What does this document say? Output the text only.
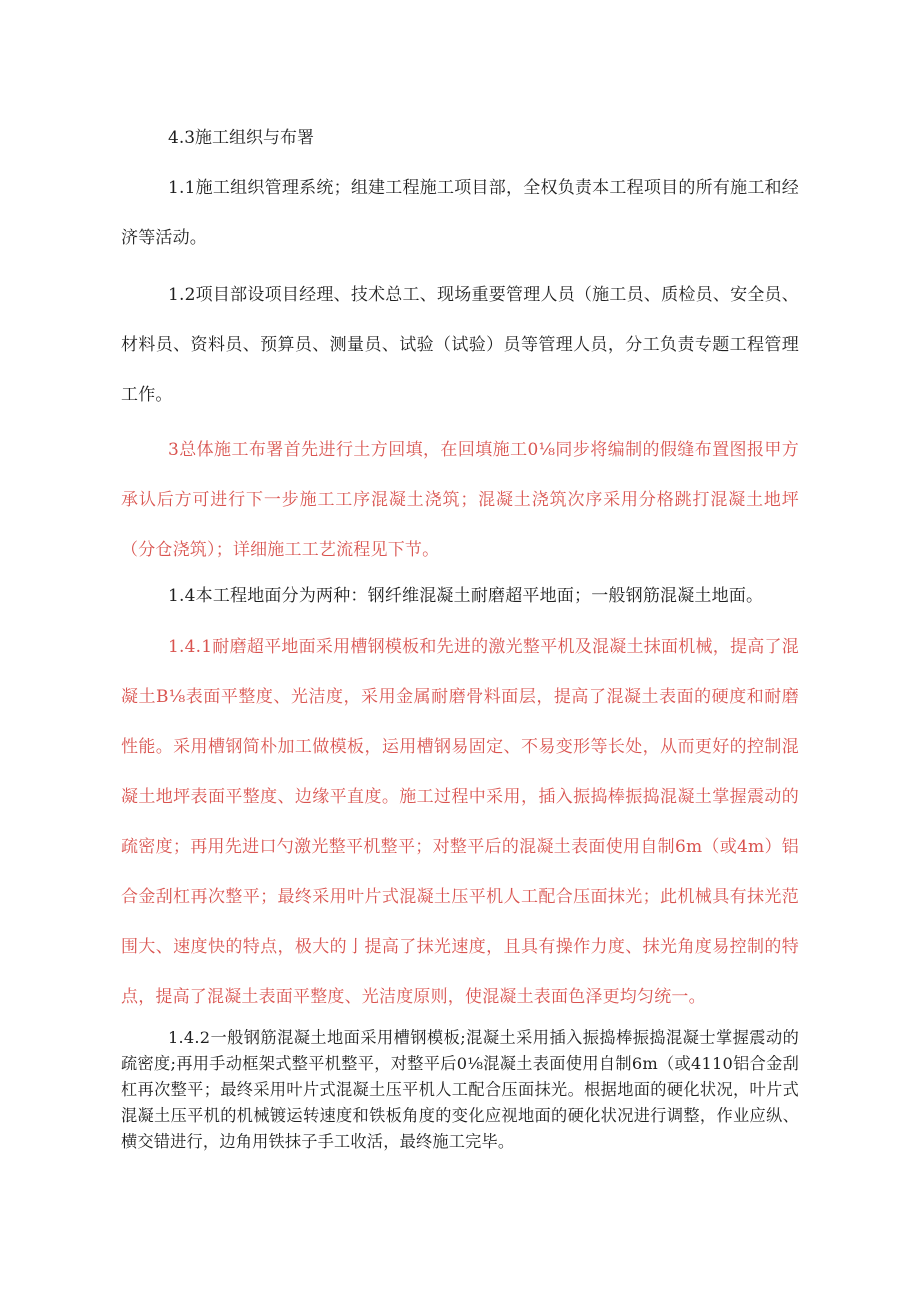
4.3施工组织与布署

1.1施工组织管理系统；组建工程施工项目部，全权负责本工程项目的所有施工和经济等活动。

1.2项目部设项目经理、技术总工、现场重要管理人员（施工员、质检员、安全员、材料员、资料员、预算员、测量员、试验（试验）员等管理人员，分工负责专题工程管理工作。

3总体施工布署首先进行土方回填，在回填施工0⅛同步将编制的假缝布置图报甲方承认后方可进行下一步施工工序混凝土浇筑；混凝土浇筑次序采用分格跳打混凝土地坪（分仓浇筑）；详细施工工艺流程见下节。

1.4本工程地面分为两种：钢纤维混凝土耐磨超平地面；一般钢筋混凝土地面。

1.4.1耐磨超平地面采用槽钢模板和先进的激光整平机及混凝土抹面机械，提高了混凝土B⅛表面平整度、光洁度，采用金属耐磨骨料面层，提高了混凝土表面的硬度和耐磨性能。采用槽钢简朴加工做模板，运用槽钢易固定、不易变形等长处，从而更好的控制混凝土地坪表面平整度、边缘平直度。施工过程中采用，插入振捣棒振捣混凝土掌握震动的疏密度；再用先进口勺激光整平机整平；对整平后的混凝土表面使用自制6m（或4m）铝合金刮杠再次整平；最终采用叶片式混凝土压平机人工配合压面抹光；此机械具有抹光范围大、速度快的特点，极大的亅提高了抹光速度，且具有操作力度、抹光角度易控制的特点，提高了混凝土表面平整度、光洁度原则，使混凝土表面色泽更均匀统一。

1.4.2一般钢筋混凝土地面采用槽钢模板;混凝土采用插入振捣棒振捣混凝士掌握震动的疏密度;再用手动框架式整平机整平，对整平后0⅛混凝土表面使用自制6m（或4110铝合金刮杠再次整平；最终采用叶片式混凝土压平机人工配合压面抹光。根据地面的硬化状况，叶片式混凝土压平机的机械镀运转速度和铁板角度的变化应视地面的硬化状况进行调整，作业应纵、横交错进行，边角用铁抹子手工收活，最终施工完毕。
